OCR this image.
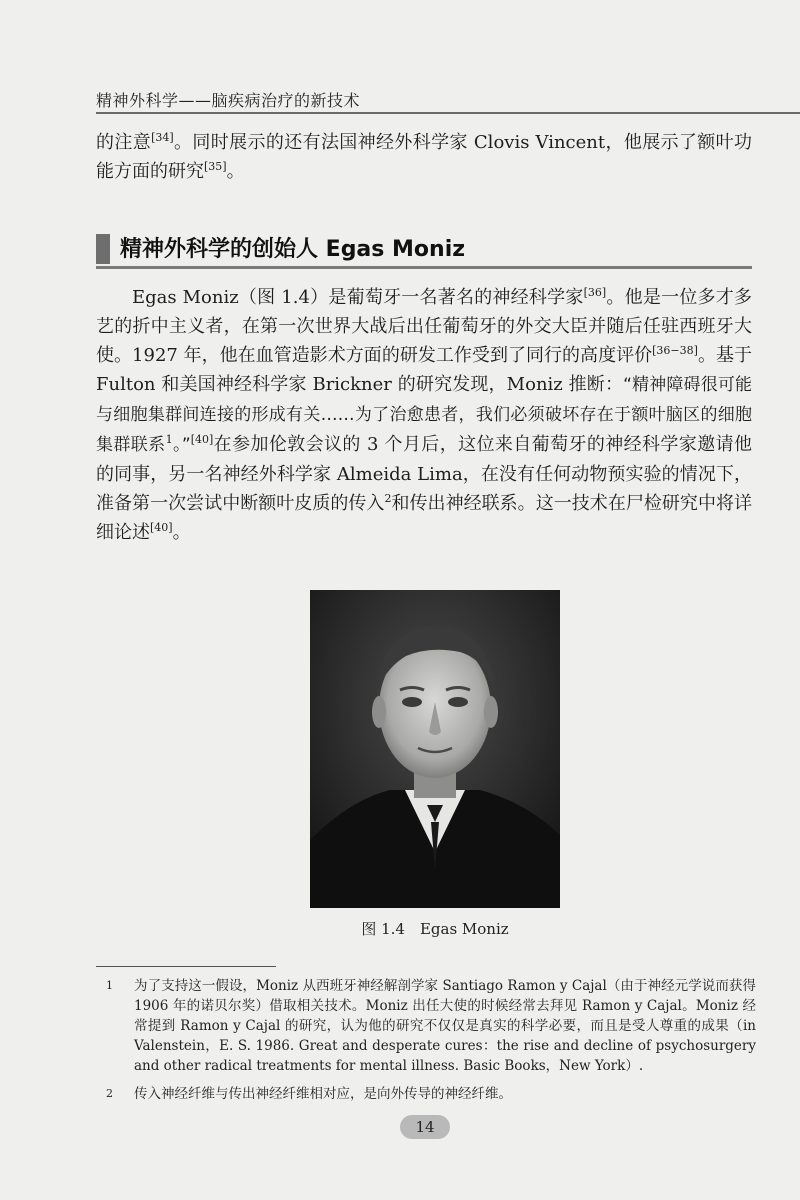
精神外科学——脑疾病治疗的新技术

的注意[34]。同时展示的还有法国神经外科学家 Clovis Vincent，他展示了额叶功能方面的研究[35]。

精神外科学的创始人 Egas Moniz

Egas Moniz（图 1.4）是葡萄牙一名著名的神经科学家[36]。他是一位多才多艺的折中主义者，在第一次世界大战后出任葡萄牙的外交大臣并随后任驻西班牙大使。1927 年，他在血管造影术方面的研发工作受到了同行的高度评价[36−38]。基于 Fulton 和美国神经科学家 Brickner 的研究发现，Moniz 推断：“精神障碍很可能与细胞集群间连接的形成有关……为了治愈患者，我们必须破坏存在于额叶脑区的细胞集群联系$^1$。”[40]在参加伦敦会议的 3 个月后，这位来自葡萄牙的神经科学家邀请他的同事，另一名神经外科学家 Almeida Lima，在没有任何动物预实验的情况下，准备第一次尝试中断额叶皮质的传入$^2$和传出神经联系。这一技术在尸检研究中将详细论述[40]。

图 1.4　Egas Moniz
1 为了支持这一假设，Moniz 从西班牙神经解剖学家 Santiago Ramon y Cajal（由于神经元学说而获得 1906 年的诺贝尔奖）借取相关技术。Moniz 出任大使的时候经常去拜见 Ramon y Cajal。Moniz 经常提到 Ramon y Cajal 的研究，认为他的研究不仅仅是真实的科学必要，而且是受人尊重的成果（in Valenstein，E. S. 1986. Great and desperate cures：the rise and decline of psychosurgery and other radical treatments for mental illness. Basic Books，New York）.
2 传入神经纤维与传出神经纤维相对应，是向外传导的神经纤维。
14
